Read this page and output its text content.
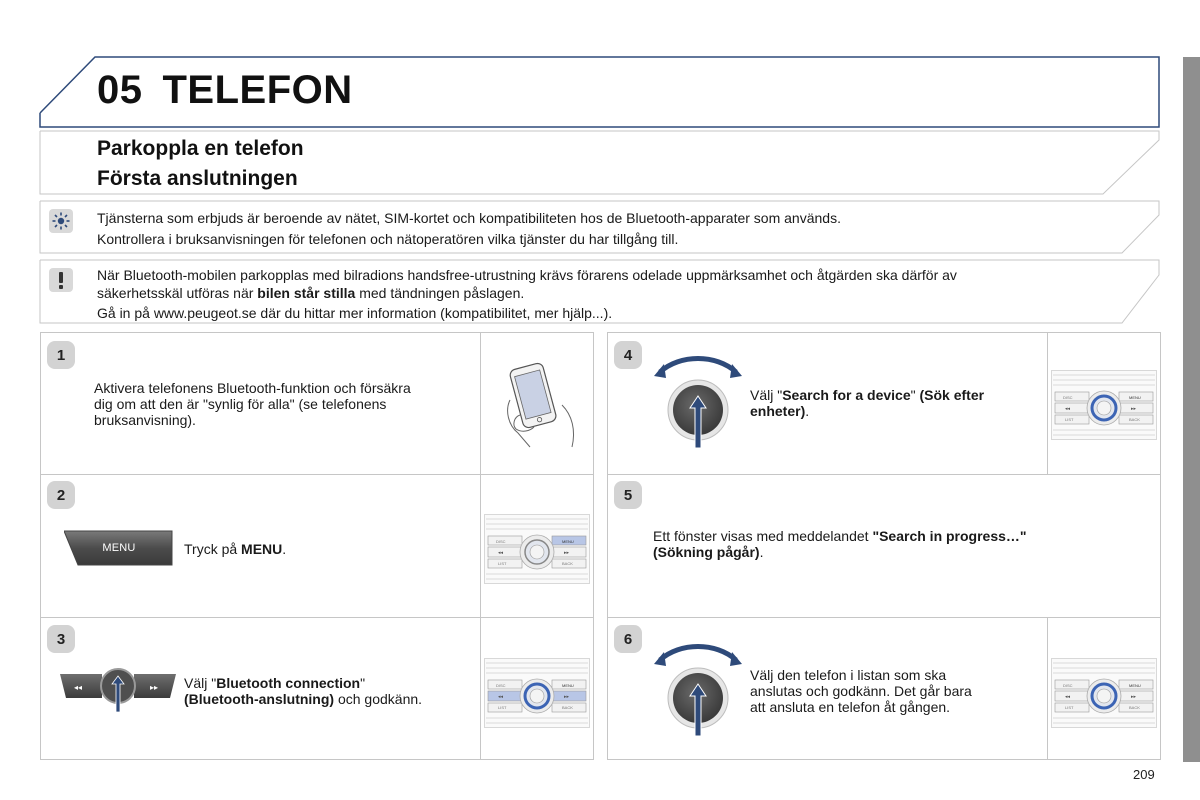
05 TELEFON
Parkoppla en telefon
Första anslutningen
Tjänsterna som erbjuds är beroende av nätet, SIM-kortet och kompatibiliteten hos de Bluetooth-apparater som används.
Kontrollera i bruksanvisningen för telefonen och nätoperatören vilka tjänster du har tillgång till.
När Bluetooth-mobilen parkopplas med bilradions handsfree-utrustning krävs förarens odelade uppmärksamhet och åtgärden ska därför av
säkerhetsskäl utföras när bilen står stilla med tändningen påslagen.
Gå in på www.peugeot.se där du hittar mer information (kompatibilitet, mer hjälp...).
1
2
3
4
5
6
Aktivera telefonens Bluetooth-funktion och försäkra
dig om att den är "synlig för alla" (se telefonens
bruksanvisning).
MENU	Tryck på MENU.
◂◂	▸▸ Välj "Bluetooth connection"
(Bluetooth-anslutning) och godkänn.
Välj "Search for a device" (Sök efter
enheter).
Ett fönster visas med meddelandet "Search in progress…"
(Sökning pågår).
Välj den telefon i listan som ska
anslutas och godkänn. Det går bara
att ansluta en telefon åt gången.
DISC	MENU
◂◂	▸▸
LIST	BACK
DISC	MENU
◂◂	▸▸
LIST	BACK
DISC	MENU
◂◂	▸▸
LIST	BACK
DISC	MENU
◂◂	▸▸
LIST	BACK
209
